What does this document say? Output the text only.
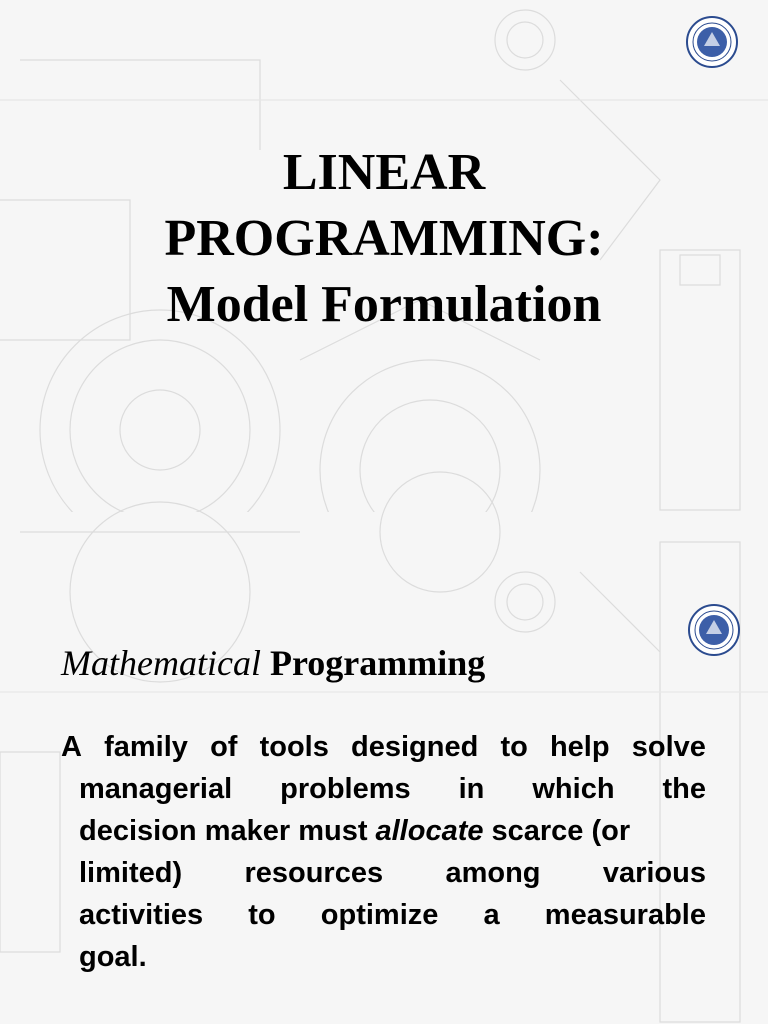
LINEAR
PROGRAMMING:
Model Formulation
Mathematical Programming
A family of tools designed to help solve
managerial problems in which the
decision maker must allocate scarce (or
limited) resources among various
activities to optimize a measurable
goal.
